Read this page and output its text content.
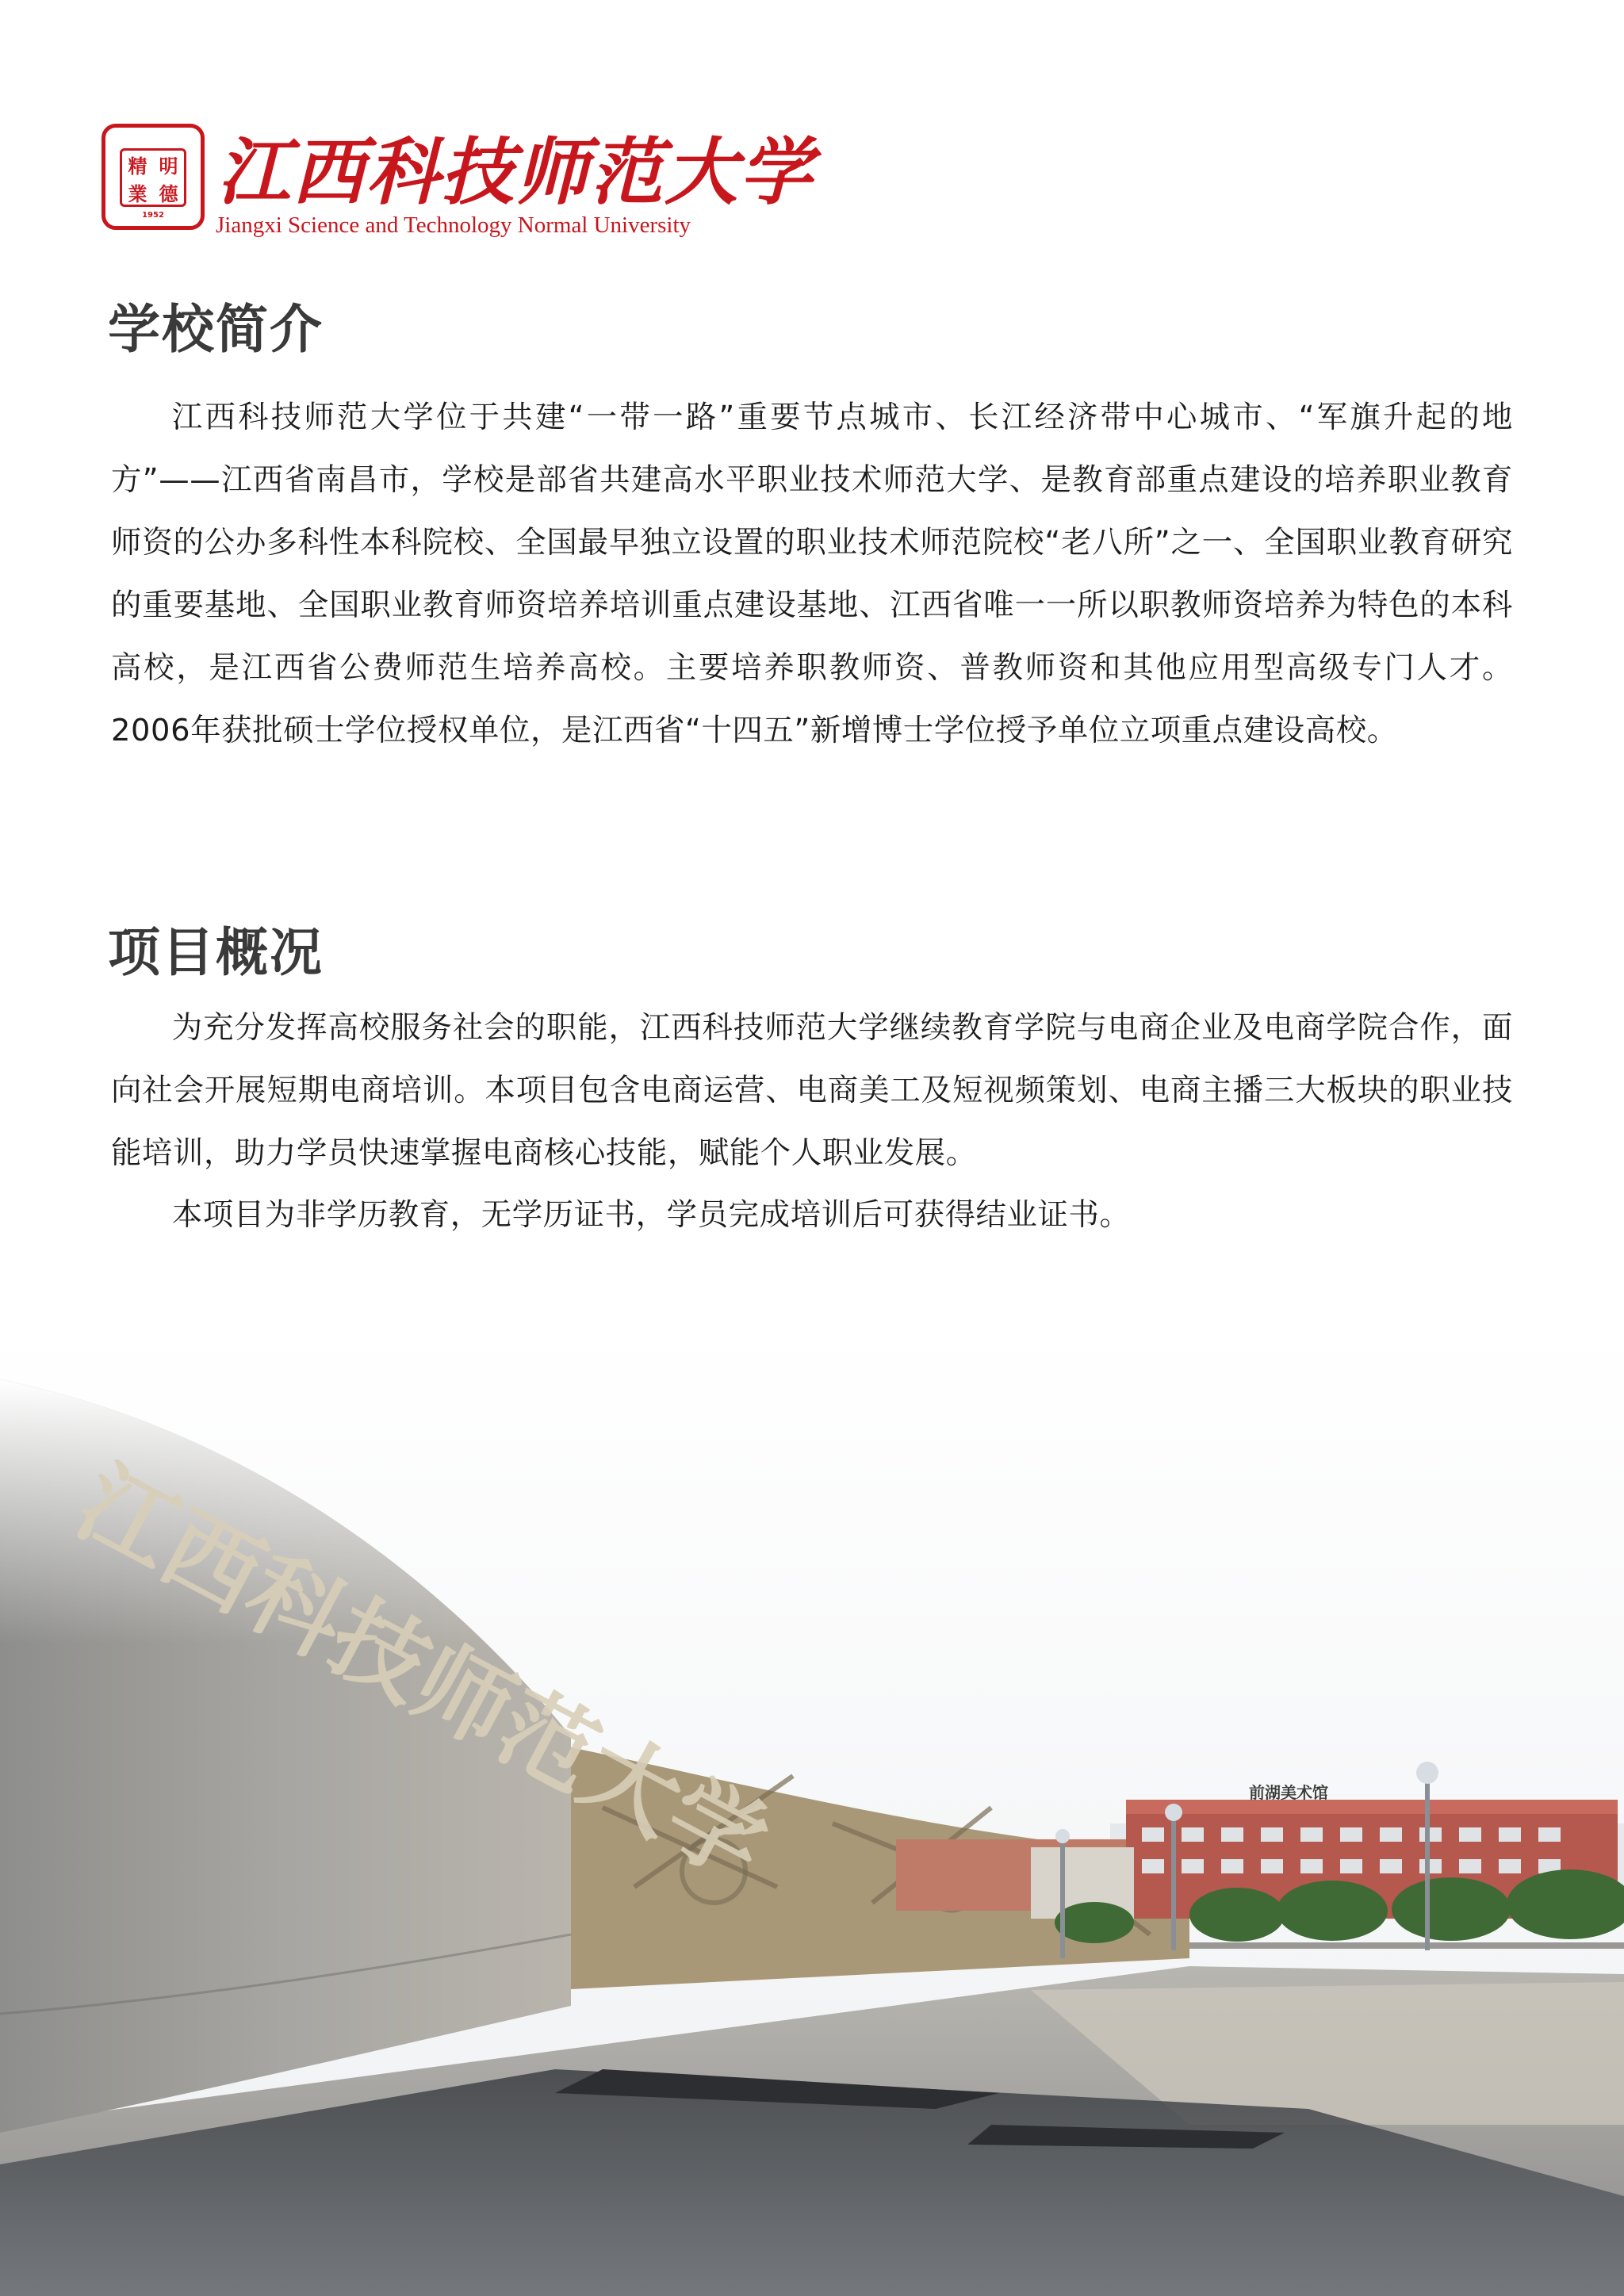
精 明
業 德
1952
江西科技师范大学
Jiangxi Science and Technology Normal University
学校简介

江西科技师范大学位于共建“一带一路”重要节点城市、长江经济带中心城市、“军旗升起的地方”——江西省南昌市，学校是部省共建高水平职业技术师范大学、是教育部重点建设的培养职业教育师资的公办多科性本科院校、全国最早独立设置的职业技术师范院校“老八所”之一、全国职业教育研究的重要基地、全国职业教育师资培养培训重点建设基地、江西省唯一一所以职教师资培养为特色的本科高校，是江西省公费师范生培养高校。主要培养职教师资、普教师资和其他应用型高级专门人才。2006年获批硕士学位授权单位，是江西省“十四五”新增博士学位授予单位立项重点建设高校。

项目概况

为充分发挥高校服务社会的职能，江西科技师范大学继续教育学院与电商企业及电商学院合作，面向社会开展短期电商培训。本项目包含电商运营、电商美工及短视频策划、电商主播三大板块的职业技能培训，助力学员快速掌握电商核心技能，赋能个人职业发展。

本项目为非学历教育，无学历证书，学员完成培训后可获得结业证书。

江西科技师范大学	前湖美术馆
